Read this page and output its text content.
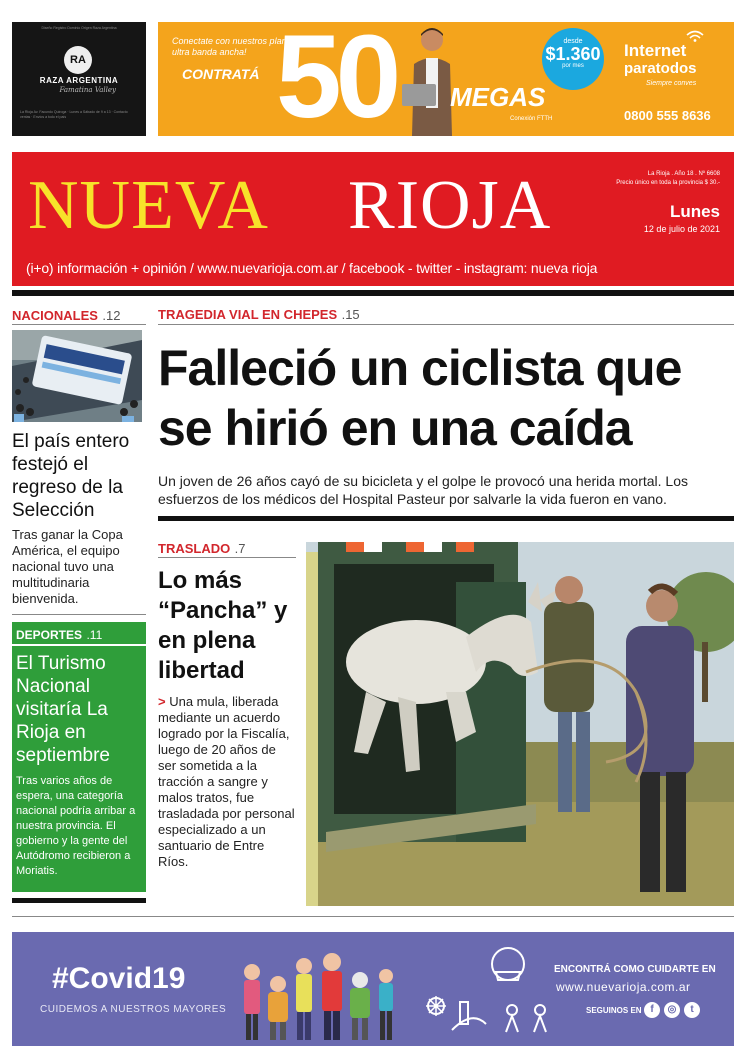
Diseño Registro Dominio Origen Raza Argentina
RA
RAZA ARGENTINA
Famatina Valley
La Rioja Av. Facundo Quiroga · Lunes a Sábado de 9 a 13 · Contacto ventas · Envíos a todo el país
Conectate con nuestros planes ultra banda ancha!
CONTRATÁ 50 MEGAS
Conexión FTTH
desde
$1.360
por mes
Internet
paratodos
Siempre conves
0800 555 8636
NUEVA RIOJA	La Rioja . Año 18 . Nº 6608
Precio único en toda la provincia $ 30.-
Lunes
12 de julio de 2021
(i+o) información + opinión / www.nuevarioja.com.ar / facebook - twitter - instagram: nueva rioja
NACIONALES .12
El país entero festejó el regreso de la Selección
Tras ganar la Copa América, el equipo nacional tuvo una multitudinaria bienvenida.
DEPORTES .11
El Turismo Nacional visitaría La Rioja en septiembre
Tras varios años de espera, una categoría nacional podría arribar a nuestra provincia. El gobierno y la gente del Autódromo recibieron a Moriatis.
TRAGEDIA VIAL EN CHEPES .15
Falleció un ciclista que se hirió en una caída
Un joven de 26 años cayó de su bicicleta y el golpe le provocó una herida mortal. Los esfuerzos de los médicos del Hospital Pasteur por salvarle la vida fueron en vano.
TRASLADO .7
Lo más “Pancha” y en plena libertad
> Una mula, liberada mediante un acuerdo logrado por la Fiscalía, luego de 20 años de ser sometida a la tracción a sangre y malos tratos, fue trasladada por personal especializado a un santuario de Entre Ríos.
#Covid19
CUIDEMOS A NUESTROS MAYORES
ENCONTRÁ COMO CUIDARTE EN
www.nuevarioja.com.ar
SEGUINOS EN f	◎	t
